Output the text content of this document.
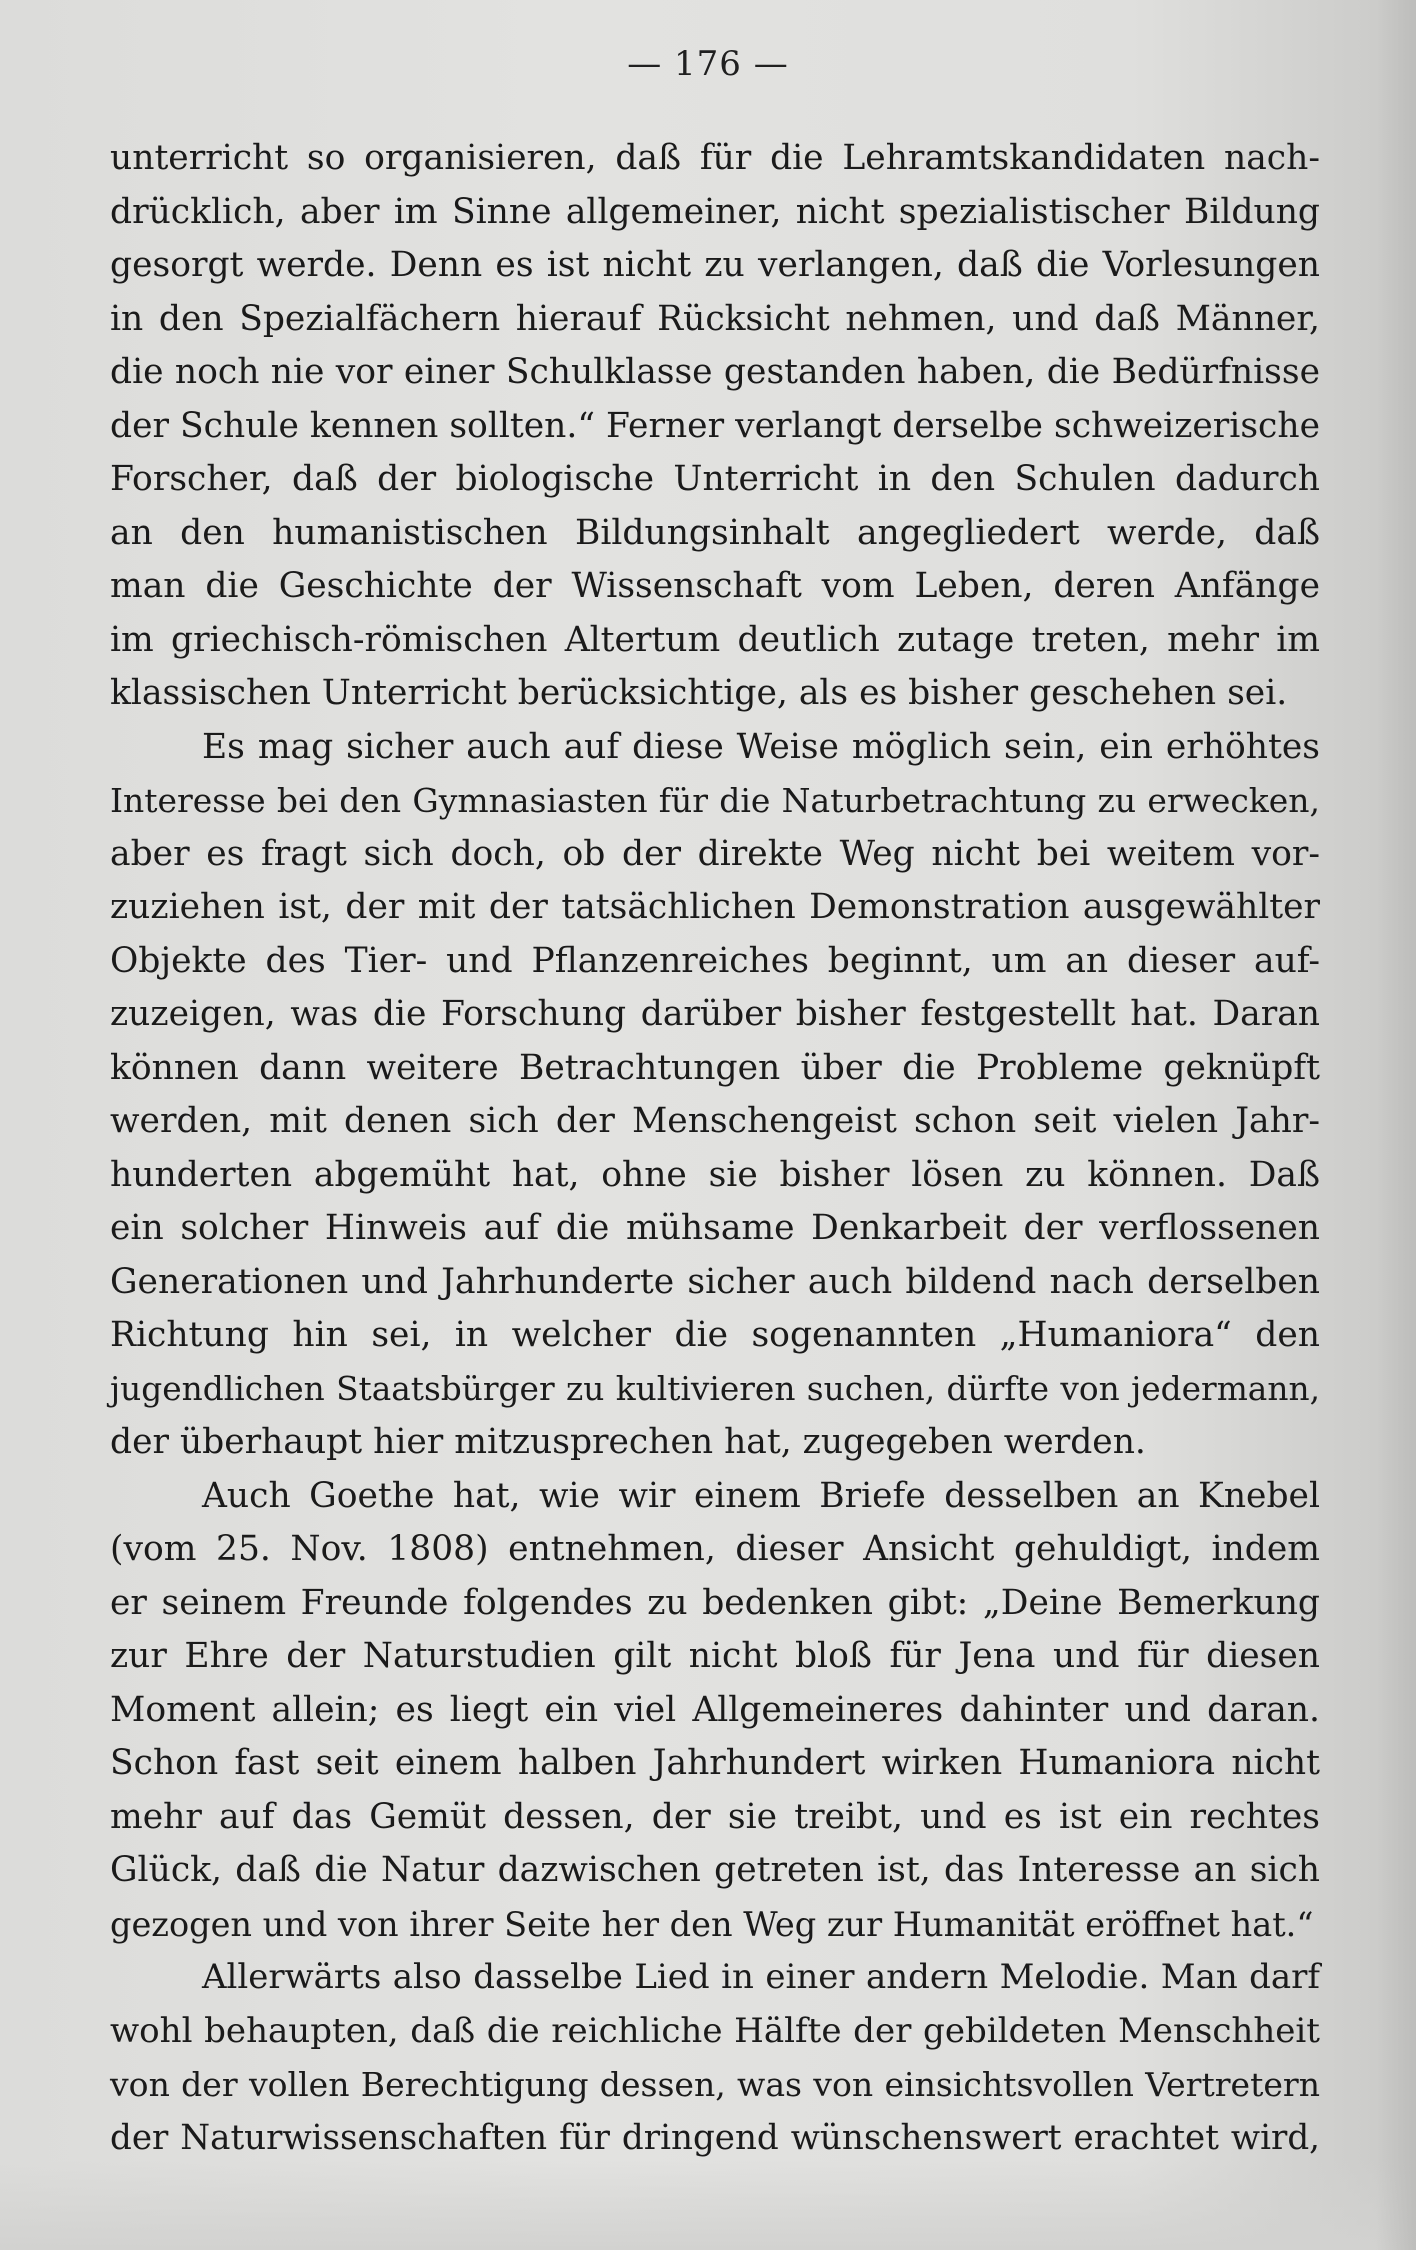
— 176 —
unterricht so organisieren, daß für die Lehramtskandidaten nach-
drücklich, aber im Sinne allgemeiner, nicht spezialistischer Bildung
gesorgt werde. Denn es ist nicht zu verlangen, daß die Vorlesungen
in den Spezialfächern hierauf Rücksicht nehmen, und daß Männer,
die noch nie vor einer Schulklasse gestanden haben, die Bedürfnisse
der Schule kennen sollten.“ Ferner verlangt derselbe schweizerische
Forscher, daß der biologische Unterricht in den Schulen dadurch
an den humanistischen Bildungsinhalt angegliedert werde, daß
man die Geschichte der Wissenschaft vom Leben, deren Anfänge
im griechisch-römischen Altertum deutlich zutage treten, mehr im
klassischen Unterricht berücksichtige, als es bisher geschehen sei.
Es mag sicher auch auf diese Weise möglich sein, ein erhöhtes
Interesse bei den Gymnasiasten für die Naturbetrachtung zu erwecken,
aber es fragt sich doch, ob der direkte Weg nicht bei weitem vor-
zuziehen ist, der mit der tatsächlichen Demonstration ausgewählter
Objekte des Tier- und Pflanzenreiches beginnt, um an dieser auf-
zuzeigen, was die Forschung darüber bisher festgestellt hat. Daran
können dann weitere Betrachtungen über die Probleme geknüpft
werden, mit denen sich der Menschengeist schon seit vielen Jahr-
hunderten abgemüht hat, ohne sie bisher lösen zu können. Daß
ein solcher Hinweis auf die mühsame Denkarbeit der verflossenen
Generationen und Jahrhunderte sicher auch bildend nach derselben
Richtung hin sei, in welcher die sogenannten „Humaniora“ den
jugendlichen Staatsbürger zu kultivieren suchen, dürfte von jedermann,
der überhaupt hier mitzusprechen hat, zugegeben werden.
Auch Goethe hat, wie wir einem Briefe desselben an Knebel
(vom 25. Nov. 1808) entnehmen, dieser Ansicht gehuldigt, indem
er seinem Freunde folgendes zu bedenken gibt: „Deine Bemerkung
zur Ehre der Naturstudien gilt nicht bloß für Jena und für diesen
Moment allein; es liegt ein viel Allgemeineres dahinter und daran.
Schon fast seit einem halben Jahrhundert wirken Humaniora nicht
mehr auf das Gemüt dessen, der sie treibt, und es ist ein rechtes
Glück, daß die Natur dazwischen getreten ist, das Interesse an sich
gezogen und von ihrer Seite her den Weg zur Humanität eröffnet hat.“
Allerwärts also dasselbe Lied in einer andern Melodie. Man darf
wohl behaupten, daß die reichliche Hälfte der gebildeten Menschheit
von der vollen Berechtigung dessen, was von einsichtsvollen Vertretern
der Naturwissenschaften für dringend wünschenswert erachtet wird,
